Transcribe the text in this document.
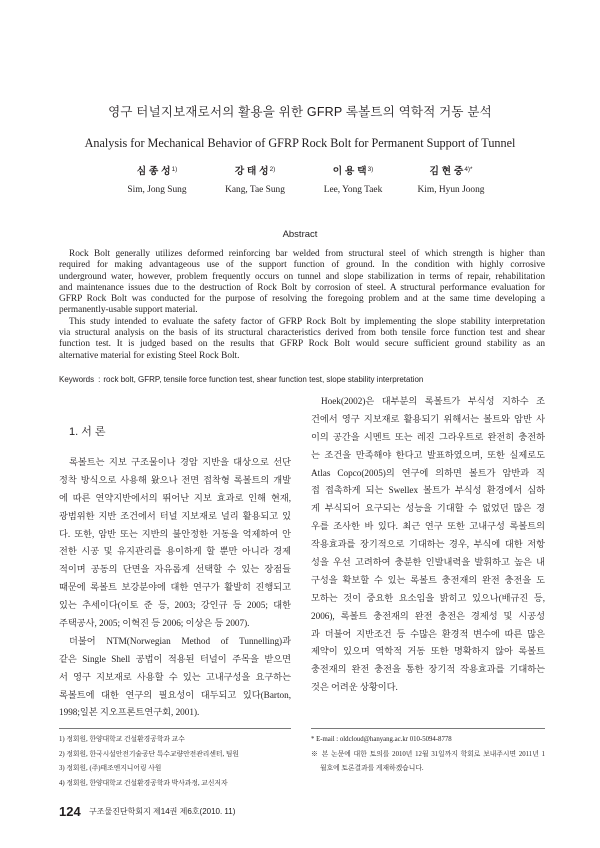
영구 터널지보재로서의 활용을 위한 GFRP 록볼트의 역학적 거동 분석
Analysis for Mechanical Behavior of GFRP Rock Bolt for Permanent Support of Tunnel
심 종 성$^{1)}$
Sim, Jong Sung
강 태 성$^{2)}$
Kang, Tae Sung
이 용 택$^{3)}$
Lee, Yong Taek
김 현 중$^{4)*}$
Kim, Hyun Joong
Abstract
Rock Bolt generally utilizes deformed reinforcing bar welded from structural steel of which strength is higher than
required for making advantageous use of the support function of ground. In the condition with highly corrosive
underground water, however, problem frequently occurs on tunnel and slope stabilization in terms of repair, rehabilitation
and maintenance issues due to the destruction of Rock Bolt by corrosion of steel. A structural performance evaluation for
GFRP Rock Bolt was conducted for the purpose of resolving the foregoing problem and at the same time developing a
permanently-usable support material.
This study intended to evaluate the safety factor of GFRP Rock Bolt by implementing the slope stability interpretation
via structural analysis on the basis of its structural characteristics derived from both tensile force function test and shear
function test. It is judged based on the results that GFRP Rock Bolt would secure sufficient ground stability as an
alternative material for existing Steel Rock Bolt.
Keywords : rock bolt, GFRP, tensile force function test, shear function test, slope stability interpretation
1. 서 론
록볼트는 지보 구조물이나 경암 지반을 대상으로 선단
정착 방식으로 사용해 왔으나 전면 접착형 록볼트의 개발
에 따른 연약지반에서의 뛰어난 지보 효과로 인해 현재,
광범위한 지반 조건에서 터널 지보재로 널리 활용되고 있
다. 또한, 암반 또는 지반의 불안정한 거동을 억제하여 안
전한 시공 및 유지관리를 용이하게 할 뿐만 아니라 경제
적이며 공동의 단면을 자유롭게 선택할 수 있는 장점들
때문에 록볼트 보강분야에 대한 연구가 활발히 진행되고
있는 추세이다(이토 준 등, 2003; 강인규 등 2005; 대한
주택공사, 2005; 이혁진 등 2006; 이상은 등 2007).
더불어 NTM(Norwegian Method of Tunnelling)과
같은 Single Shell 공법이 적용된 터널이 주목을 받으면
서 영구 지보재로 사용할 수 있는 고내구성을 요구하는
록볼트에 대한 연구의 필요성이 대두되고 있다(Barton,
1998;일본 지오프론트연구회, 2001).
Hoek(2002)은 대부분의 록볼트가 부식성 지하수 조
건에서 영구 지보재로 활용되기 위해서는 볼트와 암반 사
이의 공간을 시멘트 또는 레진 그라우트로 완전히 충전하
는 조건을 만족해야 한다고 발표하였으며, 또한 실제로도
Atlas Copco(2005)의 연구에 의하면 볼트가 암반과 직
접 접촉하게 되는 Swellex 볼트가 부식성 환경에서 심하
게 부식되어 요구되는 성능을 기대할 수 없었던 많은 경
우를 조사한 바 있다. 최근 연구 또한 고내구성 록볼트의
작용효과를 장기적으로 기대하는 경우, 부식에 대한 저항
성을 우선 고려하여 충분한 인발내력을 발휘하고 높은 내
구성을 확보할 수 있는 록볼트 충전재의 완전 충전을 도
모하는 것이 중요한 요소임을 밝히고 있으나(배규진 등,
2006), 록볼트 충전재의 완전 충전은 경제성 및 시공성
과 더불어 지반조건 등 수많은 환경적 변수에 따른 많은
제약이 있으며 역학적 거동 또한 명확하지 않아 록볼트
충전재의 완전 충전을 통한 장기적 작용효과를 기대하는
것은 어려운 상황이다.
1) 정회원, 한양대학교 건설환경공학과 교수
2) 정회원, 한국시설안전기술공단 특수교량안전관리센터, 팀원
3) 정회원, (주)태조엔지니어링 사원
4) 정회원, 한양대학교 건설환경공학과 박사과정, 교신저자
* E-mail : oldcloud@hanyang.ac.kr 010-5094-8778
※ 본 논문에 대한 토의를 2010년 12월 31일까지 학회로 보내주시면 2011년 1
월호에 토론결과를 게재하겠습니다.
124 구조물진단학회지 제14권 제6호(2010. 11)
